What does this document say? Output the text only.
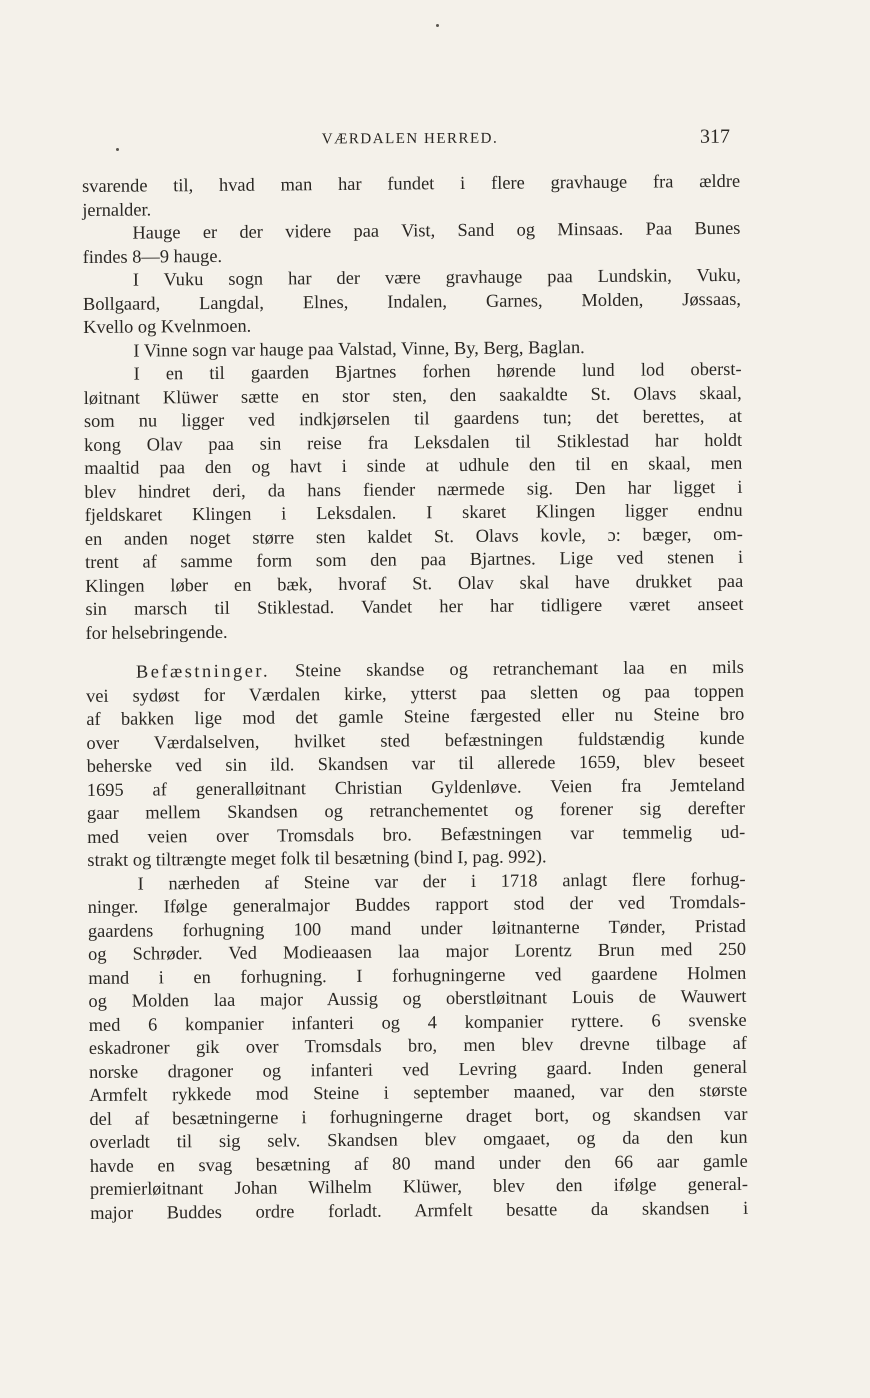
VÆRDALEN HERRED.	317
svarende til, hvad man har fundet i flere gravhauge fra ældre
jernalder.
Hauge er der videre paa Vist, Sand og Minsaas. Paa Bunes
findes 8—9 hauge.
I Vuku sogn har der være gravhauge paa Lundskin, Vuku,
Bollgaard, Langdal, Elnes, Indalen, Garnes, Molden, Jøssaas,
Kvello og Kvelnmoen.
I Vinne sogn var hauge paa Valstad, Vinne, By, Berg, Baglan.
I en til gaarden Bjartnes forhen hørende lund lod oberst-
løitnant Klüwer sætte en stor sten, den saakaldte St. Olavs skaal,
som nu ligger ved indkjørselen til gaardens tun; det berettes, at
kong Olav paa sin reise fra Leksdalen til Stiklestad har holdt
maaltid paa den og havt i sinde at udhule den til en skaal, men
blev hindret deri, da hans fiender nærmede sig. Den har ligget i
fjeldskaret Klingen i Leksdalen. I skaret Klingen ligger endnu
en anden noget større sten kaldet St. Olavs kovle, ɔ: bæger, om-
trent af samme form som den paa Bjartnes. Lige ved stenen i
Klingen løber en bæk, hvoraf St. Olav skal have drukket paa
sin marsch til Stiklestad. Vandet her har tidligere været anseet
for helsebringende.
Befæstninger. Steine skandse og retranchemant laa en mils
vei sydøst for Værdalen kirke, ytterst paa sletten og paa toppen
af bakken lige mod det gamle Steine færgested eller nu Steine bro
over Værdalselven, hvilket sted befæstningen fuldstændig kunde
beherske ved sin ild. Skandsen var til allerede 1659, blev beseet
1695 af generalløitnant Christian Gyldenløve. Veien fra Jemteland
gaar mellem Skandsen og retranchementet og forener sig derefter
med veien over Tromsdals bro. Befæstningen var temmelig ud-
strakt og tiltrængte meget folk til besætning (bind I, pag. 992).
I nærheden af Steine var der i 1718 anlagt flere forhug-
ninger. Ifølge generalmajor Buddes rapport stod der ved Tromdals-
gaardens forhugning 100 mand under løitnanterne Tønder, Pristad
og Schrøder. Ved Modieaasen laa major Lorentz Brun med 250
mand i en forhugning. I forhugningerne ved gaardene Holmen
og Molden laa major Aussig og oberstløitnant Louis de Wauwert
med 6 kompanier infanteri og 4 kompanier ryttere. 6 svenske
eskadroner gik over Tromsdals bro, men blev drevne tilbage af
norske dragoner og infanteri ved Levring gaard. Inden general
Armfelt rykkede mod Steine i september maaned, var den største
del af besætningerne i forhugningerne draget bort, og skandsen var
overladt til sig selv. Skandsen blev omgaaet, og da den kun
havde en svag besætning af 80 mand under den 66 aar gamle
premierløitnant Johan Wilhelm Klüwer, blev den ifølge general-
major Buddes ordre forladt. Armfelt besatte da skandsen i
